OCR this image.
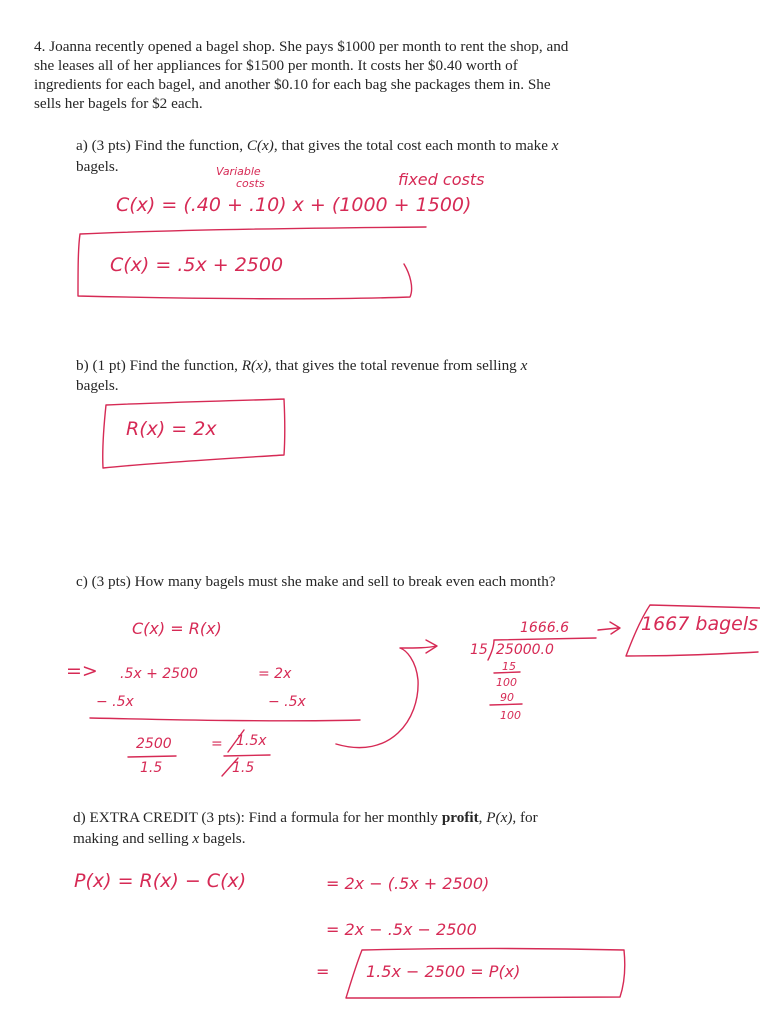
4. Joanna recently opened a bagel shop. She pays $1000 per month to rent the shop, and
she leases all of her appliances for $1500 per month. It costs her $0.40 worth of
ingredients for each bagel, and another $0.10 for each bag she packages them in. She
sells her bagels for $2 each.
a) (3 pts) Find the function, C(x), that gives the total cost each month to make x
bagels.	Variable
costs	fixed costs
C(x) = (.40 + .10) x + (1000 + 1500)
C(x) = .5x + 2500
b) (1 pt) Find the function, R(x), that gives the total revenue from selling x
bagels.
R(x) = 2x
c) (3 pts) How many bagels must she make and sell to break even each month?
C(x) = R(x)
=> .5x + 2500	= 2x
− .5x	− .5x
2500
1.5
= 1.5x
1.5
1666.6
15 25000.0
15
100
90
100
1667 bagels
d) EXTRA CREDIT (3 pts): Find a formula for her monthly profit, P(x), for
making and selling x bagels.
P(x) = R(x) − C(x)	= 2x − (.5x + 2500)
= 2x − .5x − 2500
= 1.5x − 2500 = P(x)
